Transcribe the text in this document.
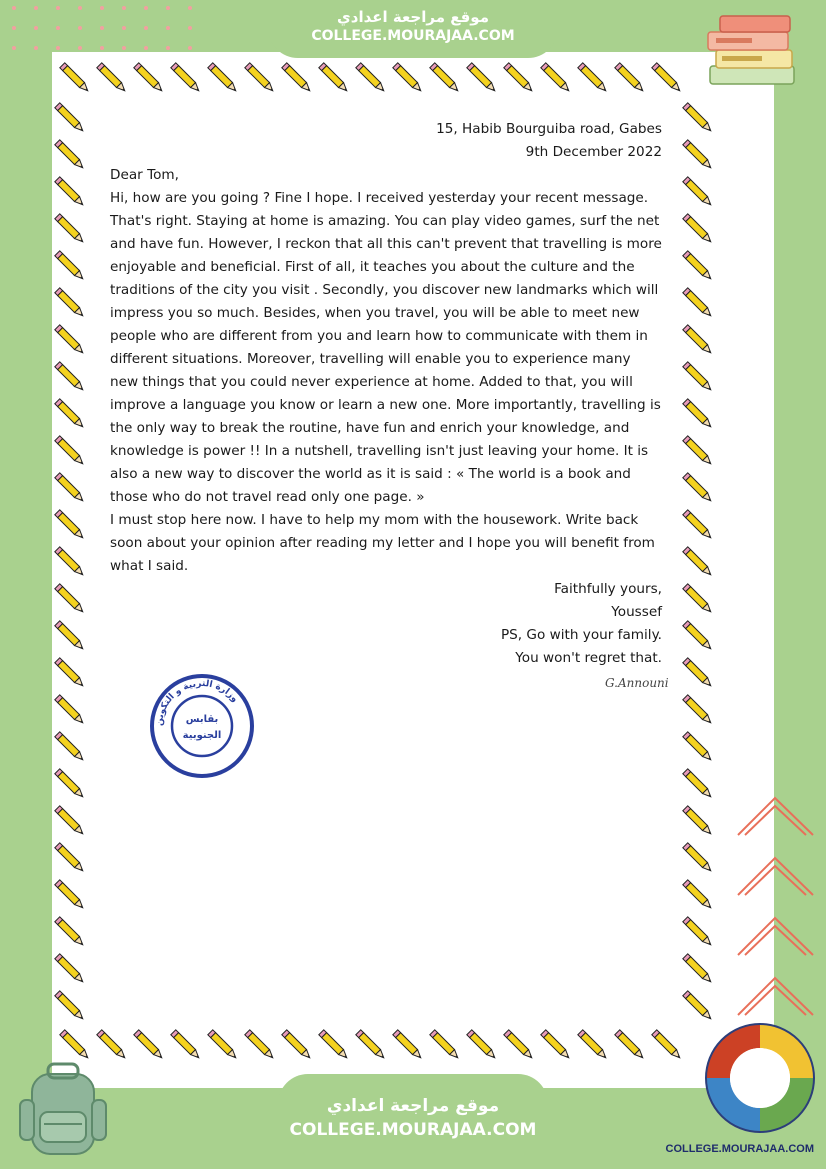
موقع مراجعة اعدادي
COLLEGE.MOURAJAA.COM

15, Habib Bourguiba road, Gabes

9th December 2022

Dear Tom,

Hi, how are you going ? Fine I hope. I received yesterday your recent message. That's right. Staying at home is amazing. You can play video games, surf the net and have fun. However, I reckon that all this can't prevent that travelling is more enjoyable and beneficial. First of all, it teaches you about the culture and the traditions of the city you visit . Secondly, you discover new landmarks which will impress you so much. Besides, when you travel, you will be able to meet new people who are different from you and learn how to communicate with them in different situations. Moreover, travelling will enable you to experience many new things that you could never experience at home. Added to that, you will improve a language you know or learn a new one. More importantly, travelling is the only way to break the routine, have fun and enrich your knowledge, and knowledge is power !! In a nutshell, travelling isn't just leaving your home. It is also a new way to discover the world as it is said : « The world is a book and those who do not travel read only one page. »

I must stop here now. I have to help my mom with the housework. Write back soon about your opinion after reading my letter and I hope you will benefit from what I said.

Faithfully yours,

Youssef

PS, Go with your family.

You won't regret that.

G.Announi
وزارة التربية و التكوين
بقابس
الجنوبية
موقع مراجعة اعدادي
COLLEGE.MOURAJAA.COM
COLLEGE.MOURAJAA.COM
